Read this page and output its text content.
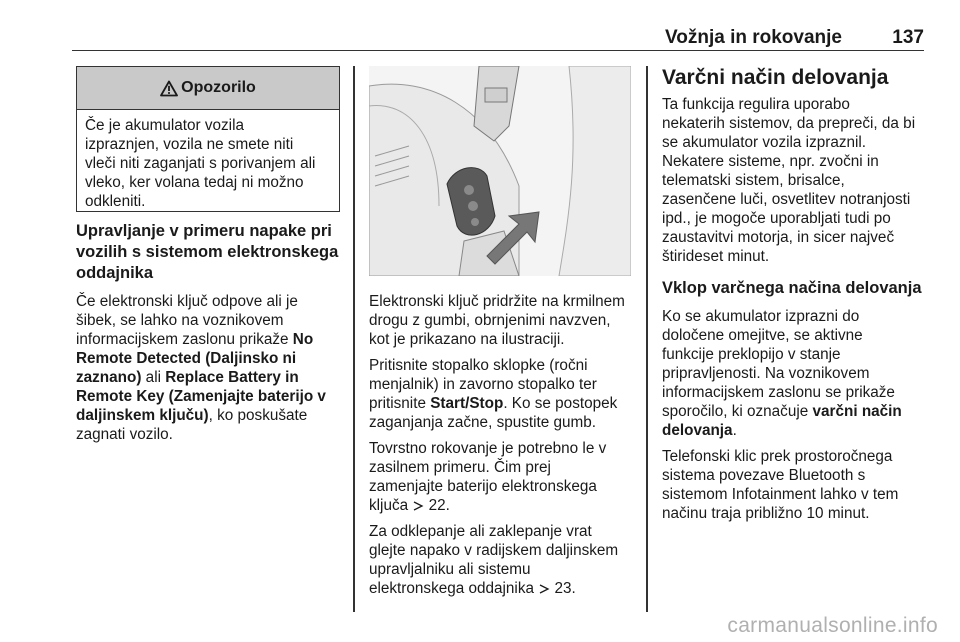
Vožnja in rokovanje	137
Opozorilo
Če je akumulator vozila
izpraznjen, vozila ne smete niti
vleči niti zaganjati s porivanjem ali
vleko, ker volana tedaj ni možno
odkleniti.
Upravljanje v primeru napake pri
vozilih s sistemom elektronskega
oddajnika
Če elektronski ključ odpove ali je
šibek, se lahko na voznikovem
informacijskem zaslonu prikaže No
Remote Detected (Daljinsko ni
zaznano) ali Replace Battery in
Remote Key (Zamenjajte baterijo v
daljinskem ključu), ko poskušate
zagnati vozilo.
Elektronski ključ pridržite na krmilnem
drogu z gumbi, obrnjenimi navzven,
kot je prikazano na ilustraciji.
Pritisnite stopalko sklopke (ročni
menjalnik) in zavorno stopalko ter
pritisnite Start/Stop. Ko se postopek
zaganjanja začne, spustite gumb.
Tovrstno rokovanje je potrebno le v
zasilnem primeru. Čim prej
zamenjajte baterijo elektronskega
ključa  22.
Za odklepanje ali zaklepanje vrat
glejte napako v radijskem daljinskem
upravljalniku ali sistemu
elektronskega oddajnika  23.
Varčni način delovanja
Ta funkcija regulira uporabo
nekaterih sistemov, da prepreči, da bi
se akumulator vozila izpraznil.
Nekatere sisteme, npr. zvočni in
telematski sistem, brisalce,
zasenčene luči, osvetlitev notranjosti
ipd., je mogoče uporabljati tudi po
zaustavitvi motorja, in sicer največ
štirideset minut.
Vklop varčnega načina delovanja
Ko se akumulator izprazni do
določene omejitve, se aktivne
funkcije preklopijo v stanje
pripravljenosti. Na voznikovem
informacijskem zaslonu se prikaže
sporočilo, ki označuje varčni način
delovanja.
Telefonski klic prek prostoročnega
sistema povezave Bluetooth s
sistemom Infotainment lahko v tem
načinu traja približno 10 minut.
carmanualsonline.info
